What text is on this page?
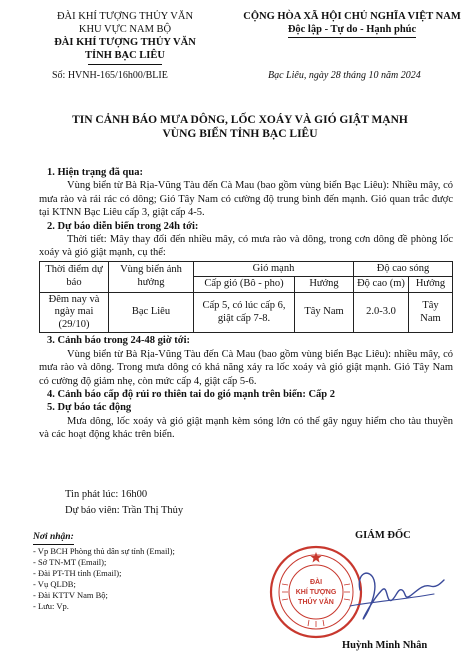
ĐÀI KHÍ TƯỢNG THỦY VĂN
KHU VỰC NAM BỘ
ĐÀI KHÍ TƯỢNG THỦY VĂN
TỈNH BẠC LIÊU
CỘNG HÒA XÃ HỘI CHỦ NGHĨA VIỆT NAM
Độc lập - Tự do - Hạnh phúc
Số: HVNH-165/16h00/BLIE	Bạc Liêu, ngày 28 tháng 10 năm 2024
TIN CẢNH BÁO MƯA DÔNG, LỐC XOÁY VÀ GIÓ GIẬT MẠNH
VÙNG BIỂN TỈNH BẠC LIÊU

1. Hiện trạng đã qua:

Vùng biển từ Bà Rịa-Vũng Tàu đến Cà Mau (bao gồm vùng biển Bạc Liêu): Nhiều mây, có mưa rào và rải rác có dông; Gió Tây Nam có cường độ trung bình đến mạnh. Gió quan trắc được tại KTNN Bạc Liêu cấp 3, giật cấp 4-5.

2. Dự báo diễn biến trong 24h tới:

Thời tiết: Mây thay đổi đến nhiều mây, có mưa rào và dông, trong cơn dông đề phòng lốc xoáy và gió giật mạnh, cụ thể:

Thời điểm dự báo	Vùng biển ảnh hưởng	Gió mạnh		Độ cao sóng	
		Cấp gió (Bô - pho)	Hướng	Độ cao (m)	Hướng
Đêm nay và ngày mai (29/10)	Bạc Liêu	Cấp 5, có lúc cấp 6, giật cấp 7-8.	Tây Nam	2.0-3.0	Tây Nam

3. Cảnh báo trong 24-48 giờ tới:

Vùng biển từ Bà Rịa-Vũng Tàu đến Cà Mau (bao gồm vùng biển Bạc Liêu): nhiều mây, có mưa rào và dông. Trong mưa dông có khả năng xảy ra lốc xoáy và gió giật mạnh. Gió Tây Nam có cường độ giảm nhẹ, còn mức cấp 4, giật cấp 5-6.

4. Cảnh báo cấp độ rủi ro thiên tai do gió mạnh trên biển: Cấp 2

5. Dự báo tác động

Mưa dông, lốc xoáy và gió giật mạnh kèm sóng lớn có thể gây nguy hiểm cho tàu thuyền và các hoạt động khác trên biển.

Tin phát lúc: 16h00
Dự báo viên: Trần Thị Thủy
Nơi nhận:
- Vp BCH Phòng thủ dân sự tỉnh (Email);
- Sở TN-MT (Email);
- Đài PT-TH tỉnh (Email);
- Vụ QLDB;
- Đài KTTV Nam Bộ;
- Lưu: Vp.
GIÁM ĐỐC
ĐÀI
KHÍ TƯỢNG
THỦY VĂN
Huỳnh Minh Nhân
